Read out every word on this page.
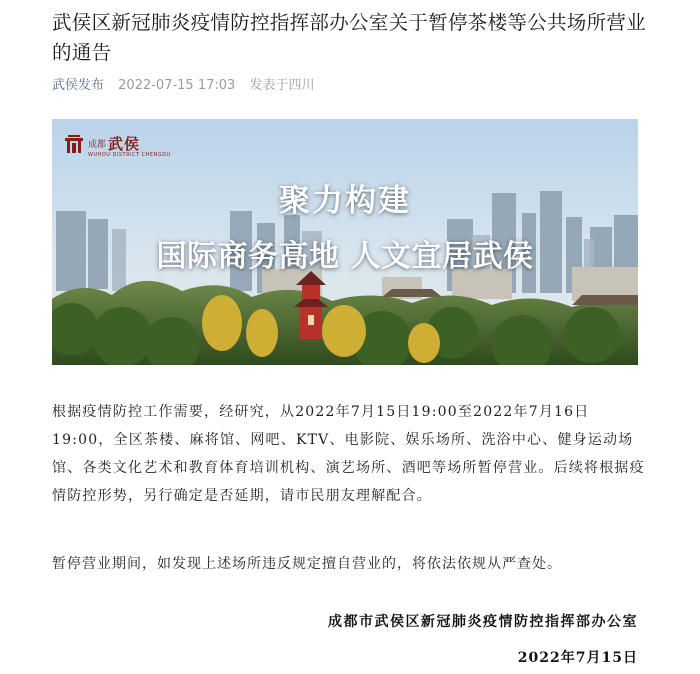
武侯区新冠肺炎疫情防控指挥部办公室关于暂停茶楼等公共场所营业的通告
武侯发布 2022-07-15 17:03 发表于四川
成都 武侯
WUHOU DISTRICT CHENGDU
聚力构建
国际商务高地 人文宜居武侯

根据疫情防控工作需要，经研究，从2022年7月15日19:00至2022年7月16日19:00，全区茶楼、麻将馆、网吧、KTV、电影院、娱乐场所、洗浴中心、健身运动场馆、各类文化艺术和教育体育培训机构、演艺场所、酒吧等场所暂停营业。后续将根据疫情防控形势，另行确定是否延期，请市民朋友理解配合。

暂停营业期间，如发现上述场所违反规定擅自营业的，将依法依规从严查处。

成都市武侯区新冠肺炎疫情防控指挥部办公室
2022年7月15日
